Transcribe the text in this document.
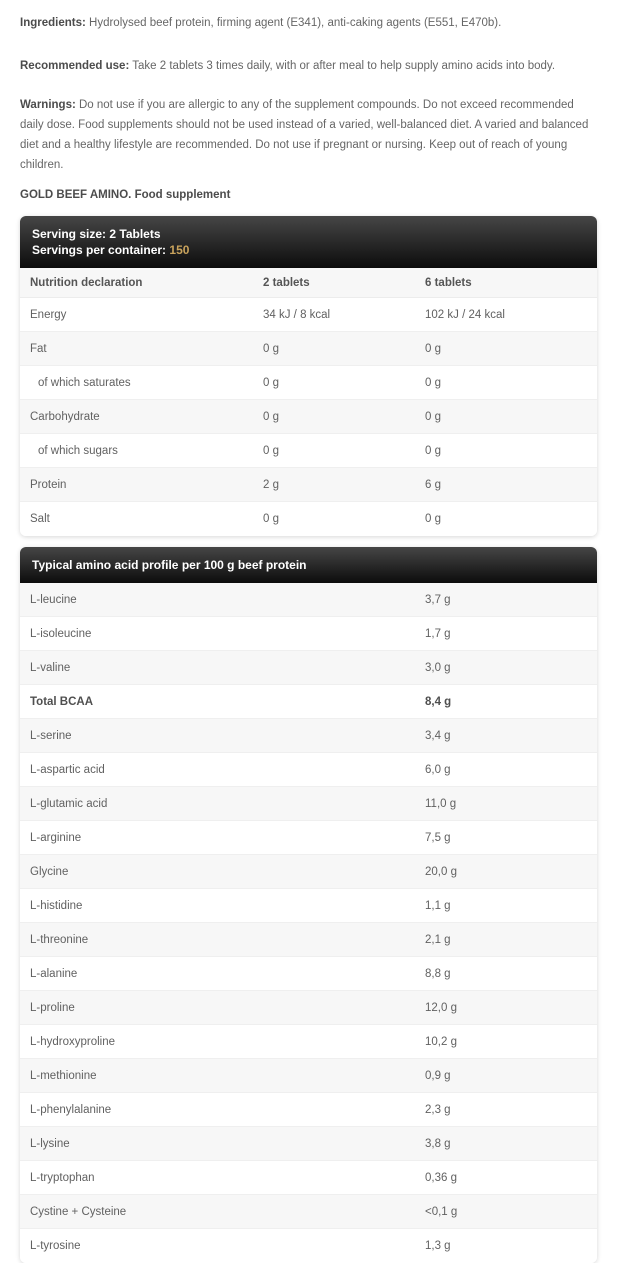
Ingredients: Hydrolysed beef protein, firming agent (E341), anti-caking agents (E551, E470b).

Recommended use: Take 2 tablets 3 times daily, with or after meal to help supply amino acids into body.

Warnings: Do not use if you are allergic to any of the supplement compounds. Do not exceed recommended daily dose. Food supplements should not be used instead of a varied, well-balanced diet. A varied and balanced diet and a healthy lifestyle are recommended. Do not use if pregnant or nursing. Keep out of reach of young children.

GOLD BEEF AMINO. Food supplement

Serving size: 2 Tablets
Servings per container: 150
Nutrition declaration	2 tablets	6 tablets
Energy	34 kJ / 8 kcal	102 kJ / 24 kcal
Fat	0 g	0 g
of which saturates	0 g	0 g
Carbohydrate	0 g	0 g
of which sugars	0 g	0 g
Protein	2 g	6 g
Salt	0 g	0 g
Typical amino acid profile per 100 g beef protein
L-leucine	3,7 g
L-isoleucine	1,7 g
L-valine	3,0 g
Total BCAA	8,4 g
L-serine	3,4 g
L-aspartic acid	6,0 g
L-glutamic acid	11,0 g
L-arginine	7,5 g
Glycine	20,0 g
L-histidine	1,1 g
L-threonine	2,1 g
L-alanine	8,8 g
L-proline	12,0 g
L-hydroxyproline	10,2 g
L-methionine	0,9 g
L-phenylalanine	2,3 g
L-lysine	3,8 g
L-tryptophan	0,36 g
Cystine + Cysteine	<0,1 g
L-tyrosine	1,3 g
